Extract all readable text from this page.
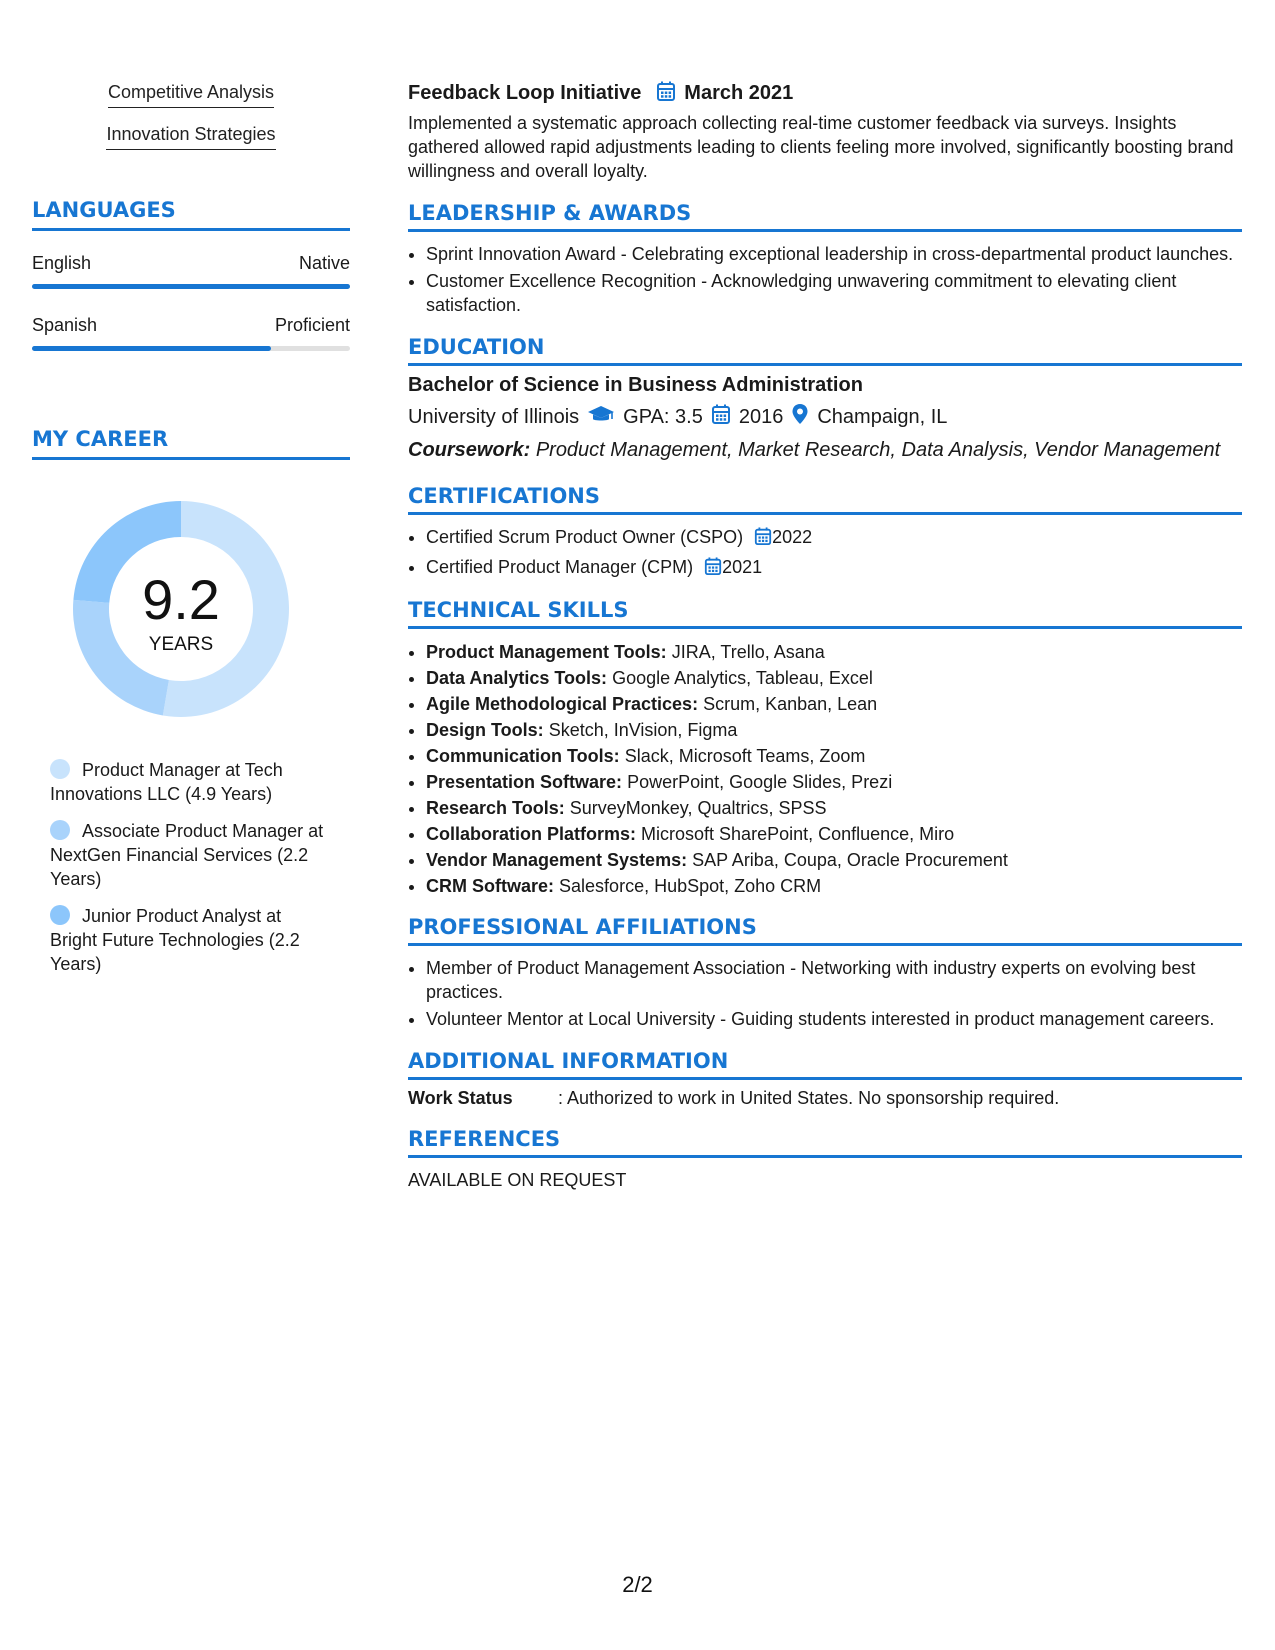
Competitive Analysis
Innovation Strategies
LANGUAGES
English	Native
Spanish	Proficient
MY CAREER
9.2
YEARS
Product Manager at Tech Innovations LLC (4.9 Years)
Associate Product Manager at NextGen Financial Services (2.2 Years)
Junior Product Analyst at Bright Future Technologies (2.2 Years)
Feedback Loop Initiative March 2021
Implemented a systematic approach collecting real-time customer feedback via surveys. Insights gathered allowed rapid adjustments leading to clients feeling more involved, significantly boosting brand willingness and overall loyalty.
LEADERSHIP & AWARDS
• Sprint Innovation Award - Celebrating exceptional leadership in cross-departmental product launches.
• Customer Excellence Recognition - Acknowledging unwavering commitment to elevating client satisfaction.
EDUCATION
Bachelor of Science in Business Administration
University of Illinois GPA: 3.5 2016 Champaign, IL
Coursework: Product Management, Market Research, Data Analysis, Vendor Management
CERTIFICATIONS
• Certified Scrum Product Owner (CSPO) 2022
• Certified Product Manager (CPM) 2021
TECHNICAL SKILLS
• Product Management Tools: JIRA, Trello, Asana
• Data Analytics Tools: Google Analytics, Tableau, Excel
• Agile Methodological Practices: Scrum, Kanban, Lean
• Design Tools: Sketch, InVision, Figma
• Communication Tools: Slack, Microsoft Teams, Zoom
• Presentation Software: PowerPoint, Google Slides, Prezi
• Research Tools: SurveyMonkey, Qualtrics, SPSS
• Collaboration Platforms: Microsoft SharePoint, Confluence, Miro
• Vendor Management Systems: SAP Ariba, Coupa, Oracle Procurement
• CRM Software: Salesforce, HubSpot, Zoho CRM
PROFESSIONAL AFFILIATIONS
• Member of Product Management Association - Networking with industry experts on evolving best practices.
• Volunteer Mentor at Local University - Guiding students interested in product management careers.
ADDITIONAL INFORMATION
Work Status	: Authorized to work in United States. No sponsorship required.
REFERENCES
AVAILABLE ON REQUEST
2/2
